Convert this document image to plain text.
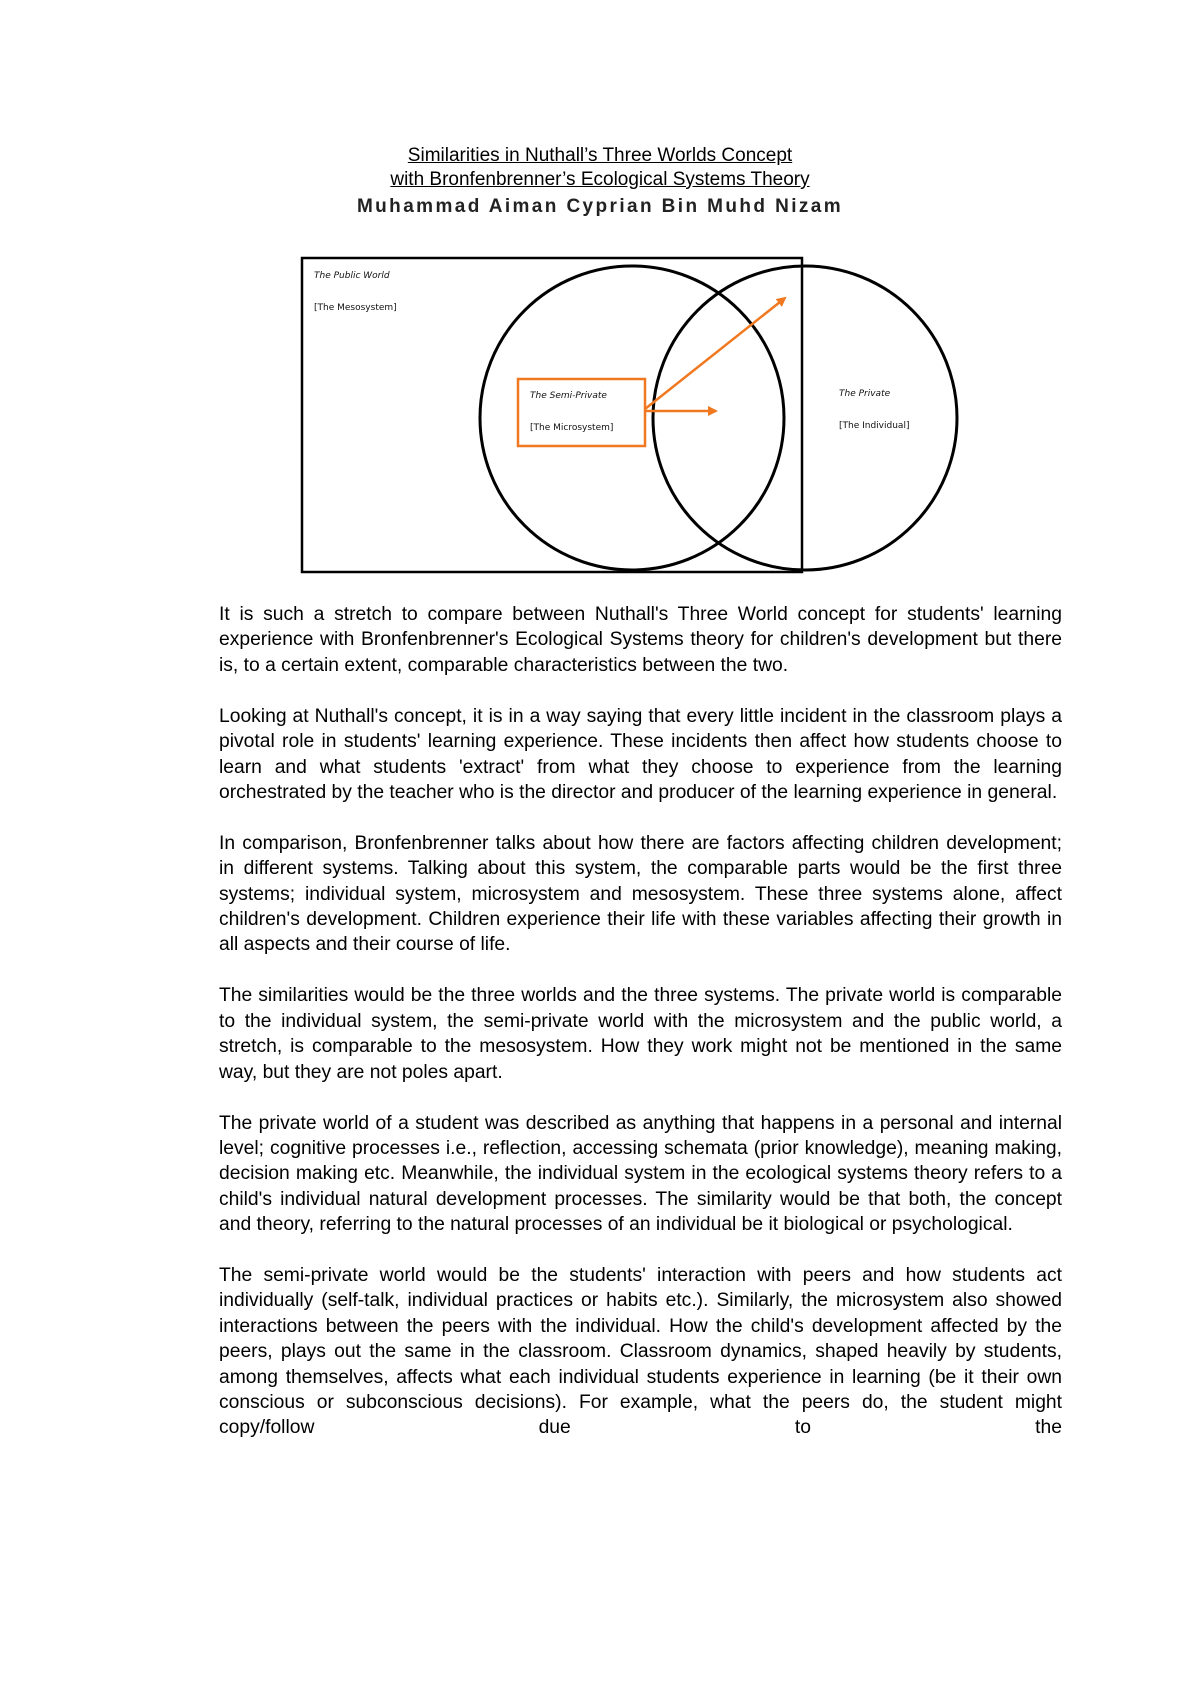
Similarities in Nuthall’s Three Worlds Concept
with Bronfenbrenner’s Ecological Systems Theory
Muhammad Aiman Cyprian Bin Muhd Nizam
The Public World
[The Mesosystem]
The Semi-Private
[The Microsystem]
The Private
[The Individual]

It is such a stretch to compare between Nuthall's Three World concept for students' learning experience with Bronfenbrenner's Ecological Systems theory for children's development but there is, to a certain extent, comparable characteristics between the two.

Looking at Nuthall's concept, it is in a way saying that every little incident in the classroom plays a pivotal role in students' learning experience. These incidents then affect how students choose to learn and what students 'extract' from what they choose to experience from the learning orchestrated by the teacher who is the director and producer of the learning experience in general.

In comparison, Bronfenbrenner talks about how there are factors affecting children development; in different systems. Talking about this system, the comparable parts would be the first three systems; individual system, microsystem and mesosystem. These three systems alone, affect children's development. Children experience their life with these variables affecting their growth in all aspects and their course of life.

The similarities would be the three worlds and the three systems. The private world is comparable to the individual system, the semi-private world with the microsystem and the public world, a stretch, is comparable to the mesosystem. How they work might not be mentioned in the same way, but they are not poles apart.

The private world of a student was described as anything that happens in a personal and internal level; cognitive processes i.e., reflection, accessing schemata (prior knowledge), meaning making, decision making etc. Meanwhile, the individual system in the ecological systems theory refers to a child's individual natural development processes. The similarity would be that both, the concept and theory, referring to the natural processes of an individual be it biological or psychological.

The semi-private world would be the students' interaction with peers and how students act individually (self-talk, individual practices or habits etc.). Similarly, the microsystem also showed interactions between the peers with the individual. How the child's development affected by the peers, plays out the same in the classroom. Classroom dynamics, shaped heavily by students, among themselves, affects what each individual students experience in learning (be it their own conscious or subconscious decisions). For example, what the peers do, the student might copy/follow due to the
